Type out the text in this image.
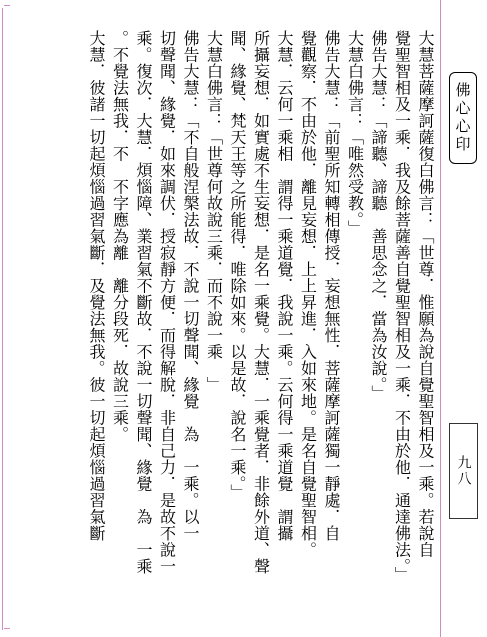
大慧菩薩摩訶薩復白佛言：「世尊．惟願為說自覺聖智相及一乘。若說自
覺聖智相及一乘．我及餘菩薩善自覺聖智相及一乘．不由於他．通達佛法。」
佛告大慧：「諦聽、諦聽　善思念之．當為汝說。」
大慧白佛言：「唯然受教。」
佛告大慧：「前聖所知轉相傳授．妄想無性．菩薩摩訶薩獨一靜處．自
覺觀察．不由於他．離見妄想．上上昇進．入如來地。是名自覺聖智相。
大慧．云何一乘相　謂得一乘道覺．我說一乘。云何得一乘道覺　謂攝
所攝妄想．如實處不生妄想．是名一乘覺。大慧．一乘覺者．非餘外道、聲
聞、緣覺、梵天王等之所能得．唯除如來。以是故．說名一乘。」
大慧白佛言：「世尊何故說三乘．而不說一乘　」
佛告大慧：「不自般涅槃法故．不說一切聲聞、緣覺　為　一乘。以一
切聲聞、緣覺．如來調伏．授寂靜方便．而得解脫．非自己力．是故不說一
乘。復次．大慧．煩惱障、業習氣不斷故．不說一切聲聞、緣覺　為　一乘
。不覺法無我．不　不字應為離　離分段死．故說三乘。
大慧．彼諸一切起煩惱過習氣斷．及覺法無我。彼一切起煩惱過習氣斷	佛心心印
九八
